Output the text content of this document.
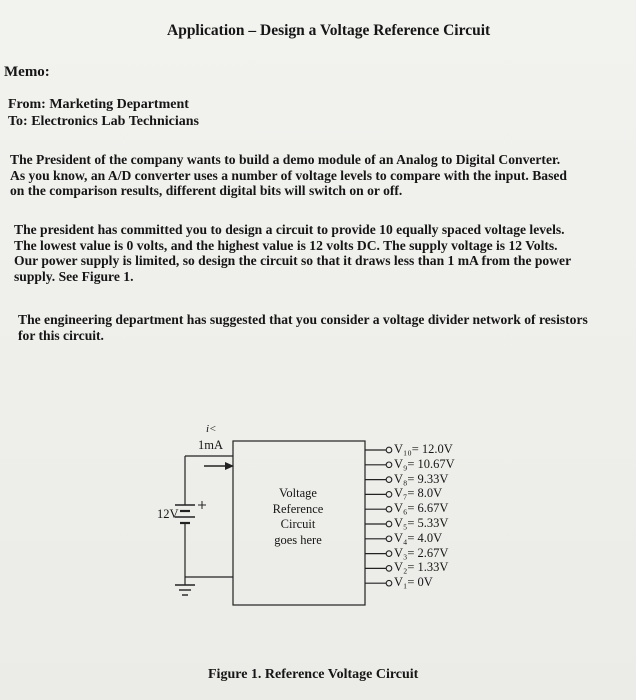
Application – Design a Voltage Reference Circuit
Memo:
From: Marketing Department
To: Electronics Lab Technicians
The President of the company wants to build a demo module of an Analog to Digital Converter.
As you know, an A/D converter uses a number of voltage levels to compare with the input. Based
on the comparison results, different digital bits will switch on or off.
The president has committed you to design a circuit to provide 10 equally spaced voltage levels.
The lowest value is 0 volts, and the highest value is 12 volts DC. The supply voltage is 12 Volts.
Our power supply is limited, so design the circuit so that it draws less than 1 mA from the power
supply. See Figure 1.
The engineering department has suggested that you consider a voltage divider network of resistors
for this circuit.
i<
1mA
12V
Voltage
Reference
Circuit
goes here
V₁₀= 12.0V
V₉= 10.67V
V₈= 9.33V
V₇= 8.0V
V₆= 6.67V
V₅= 5.33V
V₄= 4.0V
V₃= 2.67V
V₂= 1.33V
V₁= 0V
Figure 1. Reference Voltage Circuit
